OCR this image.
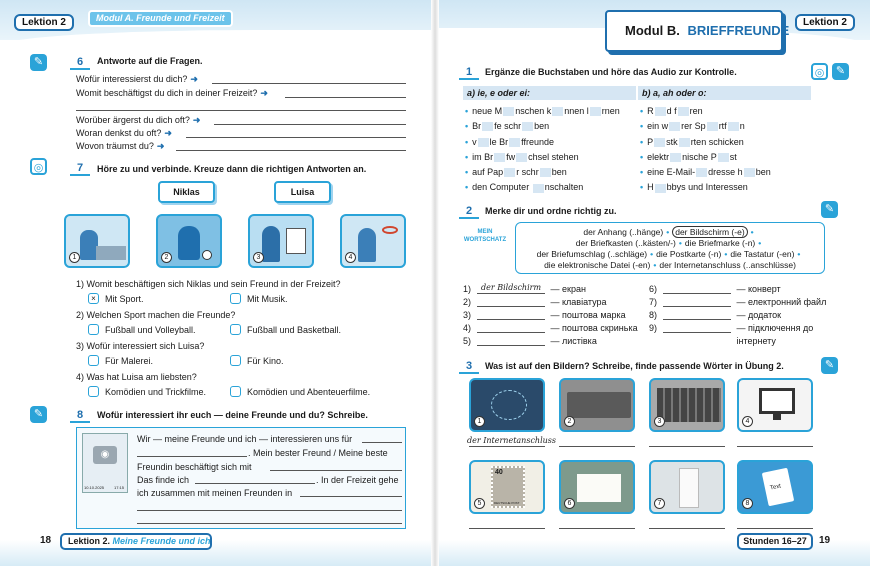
Lektion 2	Modul A. Freunde und Freizeit
✎	6	Antworte auf die Fragen.
Wofür interessierst du dich? ➜
Womit beschäftigst du dich in deiner Freizeit? ➜
Worüber ärgerst du dich oft? ➜
Woran denkst du oft? ➜
Wovon träumst du? ➜
◎	7	Höre zu und verbinde. Kreuze dann die richtigen Antworten an.
Niklas	Luisa
1	2	3	4
1) Womit beschäftigen sich Niklas und sein Freund in der Freizeit?
×	Mit Sport.	Mit Musik.
2) Welchen Sport machen die Freunde?
Fußball und Volleyball.	Fußball und Basketball.
3) Wofür interessiert sich Luisa?
Für Malerei.	Für Kino.
4) Was hat Luisa am liebsten?
Komödien und Trickfilme.	Komödien und Abenteuerfilme.
✎	8	Wofür interessiert ihr euch — deine Freunde und du? Schreibe.
◉
10.10.2025 17:15
Wir — meine Freunde und ich — interessieren uns für
. Mein bester Freund / Meine beste
Freundin beschäftigt sich mit
Das finde ich	. In der Freizeit gehe
ich zusammen mit meinen Freunden in
18	Lektion 2. Meine Freunde und ich
Modul B. BRIEFFREUNDE
Lektion 2
1	Ergänze die Buchstaben und höre das Audio zur Kontrolle.	◎	✎
a) ie, e oder ei:	b) a, ah oder o:
• neue M nschen k nnen l rnen
• Br fe schr ben
• v le Br ffreunde
• im Br fw chsel stehen
• auf Pap r schr ben
• den Computer nschalten
• R d f ren
• ein w rer Sp rtf n
• P stk rten schicken
• elektr nische P st
• eine E-Mail- dresse h ben
• H bbys und Interessen
2	Merke dir und ordne richtig zu.	✎
MEIN
WORTSCHATZ
der Anhang (..hänge) • der Bildschirm (-e) •
der Briefkasten (..kästen/-) • die Briefmarke (-n) •
der Briefumschlag (..schläge) • die Postkarte (-n) • die Tastatur (-en) •
die elektronische Datei (-en) • der Internetanschluss (..anschlüsse)
1) der Bildschirm — екран
2)	— клавіатура
3)	— поштова марка
4)	— поштова скринька
5)	— листівка
6)	— конверт
7)	— електронний файл
8)	— додаток
9)	— підключення до
інтернету
3	Was ist auf den Bildern? Schreibe, finde passende Wörter in Übung 2.	✎
1	2	3	4
der Internetanschluss
40
DEUTSCHE POST
5	6	7
Text
8
Stunden 16–27	19
